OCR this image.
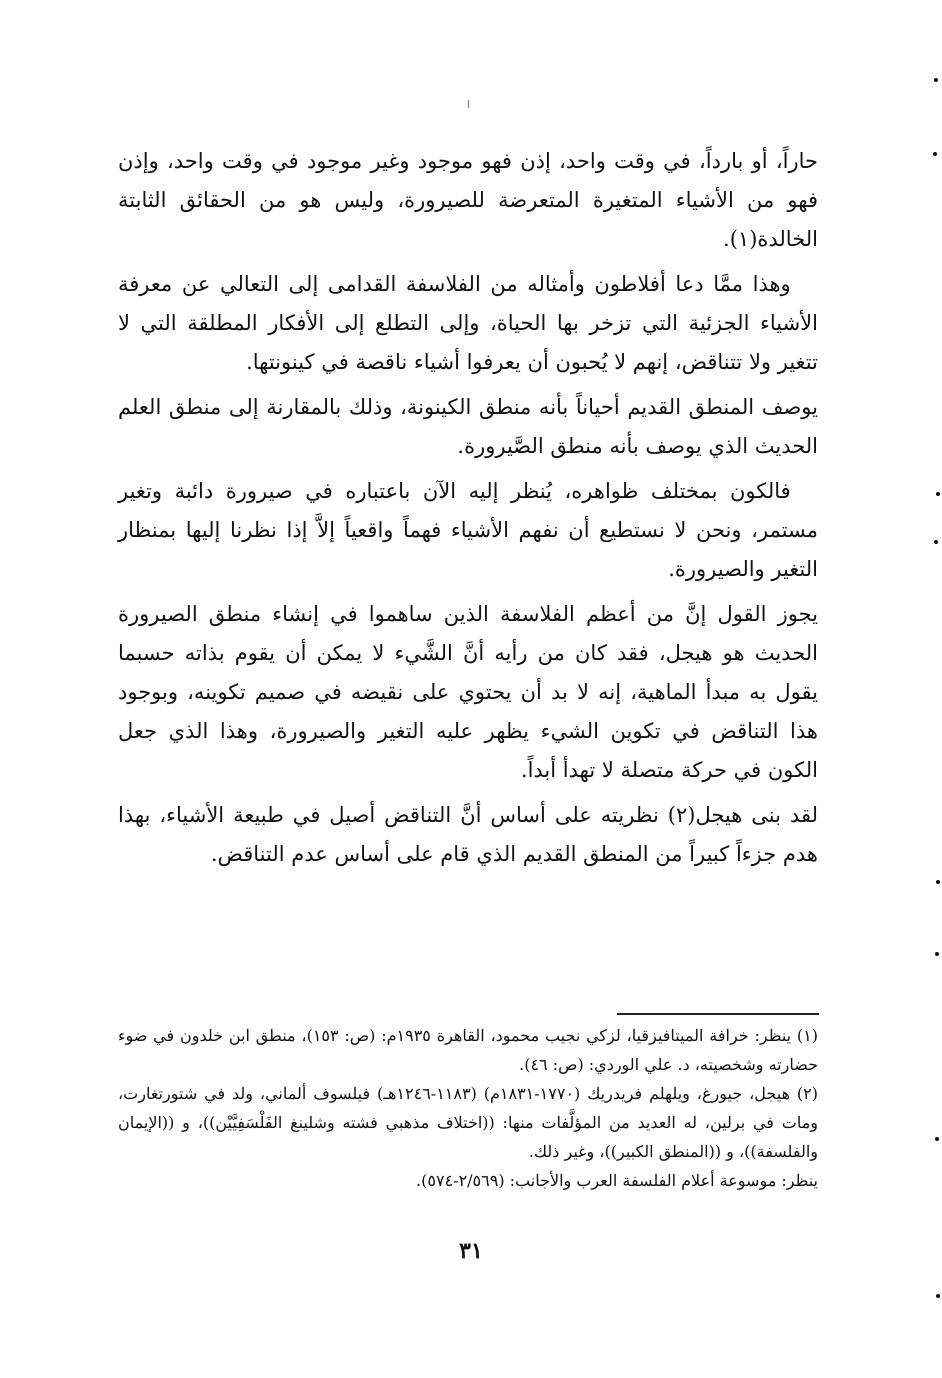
حاراً، أو بارداً، في وقت واحد، إذن فهو موجود وغير موجود في وقت واحد، وإذن فهو من الأشياء المتغيرة المتعرضة للصيرورة، وليس هو من الحقائق الثابتة الخالدة(١).

وهذا ممَّا دعا أفلاطون وأمثاله من الفلاسفة القدامى إلى التعالي عن معرفة الأشياء الجزئية التي تزخر بها الحياة، وإلى التطلع إلى الأفكار المطلقة التي لا تتغير ولا تتناقض، إنهم لا يُحبون أن يعرفوا أشياء ناقصة في كينونتها.

يوصف المنطق القديم أحياناً بأنه منطق الكينونة، وذلك بالمقارنة إلى منطق العلم الحديث الذي يوصف بأنه منطق الصَّيرورة.

فالكون بمختلف ظواهره، يُنظر إليه الآن باعتباره في صيرورة دائبة وتغير مستمر، ونحن لا نستطيع أن نفهم الأشياء فهماً واقعياً إلاَّ إذا نظرنا إليها بمنظار التغير والصيرورة.

يجوز القول إنَّ من أعظم الفلاسفة الذين ساهموا في إنشاء منطق الصيرورة الحديث هو هيجل، فقد كان من رأيه أنَّ الشَّيء لا يمكن أن يقوم بذاته حسبما يقول به مبدأ الماهية، إنه لا بد أن يحتوي على نقيضه في صميم تكوينه، وبوجود هذا التناقض في تكوين الشيء يظهر عليه التغير والصيرورة، وهذا الذي جعل الكون في حركة متصلة لا تهدأ أبداً.

لقد بنى هيجل(٢) نظريته على أساس أنَّ التناقض أصيل في طبيعة الأشياء، بهذا هدم جزءاً كبيراً من المنطق القديم الذي قام على أساس عدم التناقض.

(١) ينظر: خرافة الميتافيزقيا، لزكي نجيب محمود، القاهرة ١٩٣٥م: (ص: ١٥٣)، منطق ابن خلدون في ضوء حضارته وشخصيته، د. علي الوردي: (ص: ٤٦).

(٢) هيجل، جيورغ، ويلهلم فريدريك (١٧٧٠-١٨٣١م) (١١٨٣-١٢٤٦هـ) فيلسوف ألماني، ولد في شتورتغارت، ومات في برلين، له العديد من المؤلَّفات منها: ((اختلاف مذهبي فشته وشلينغ الفَلْسَفِيَّيْن))، و ((الإيمان والفلسفة))، و ((المنطق الكبير))، وغير ذلك.

ينظر: موسوعة أعلام الفلسفة العرب والأجانب: (٢/٥٦٩-٥٧٤).

٣١
